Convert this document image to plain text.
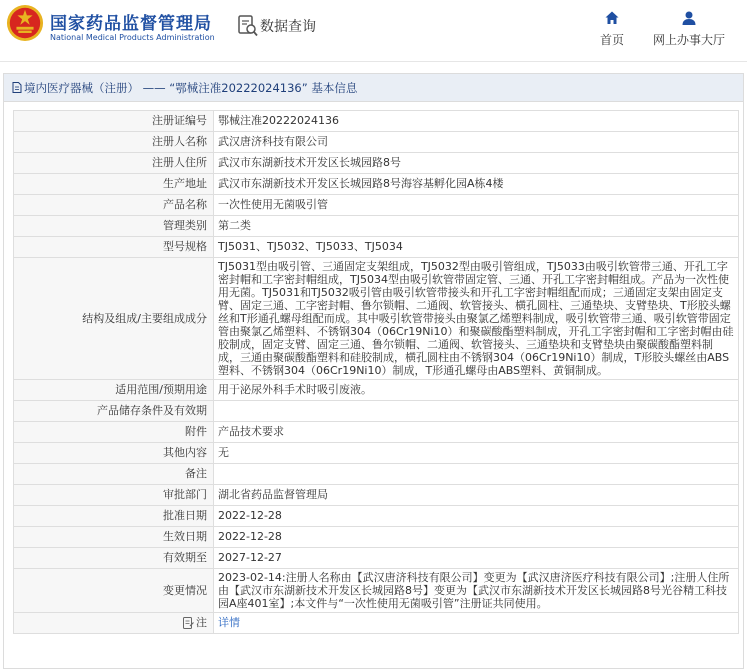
国家药品监督管理局
National Medical Products Administration
数据查询
首页 网上办事大厅
境内医疗器械（注册） —— “鄂械注准20222024136” 基本信息
注册证编号	鄂械注准20222024136
注册人名称	武汉唐济科技有限公司
注册人住所	武汉市东湖新技术开发区长城园路8号
生产地址	武汉市东湖新技术开发区长城园路8号海容基孵化园A栋4楼
产品名称	一次性使用无菌吸引管
管理类别	第二类
型号规格	TJ5031、TJ5032、TJ5033、TJ5034
结构及组成/主要组成成分	TJ5031型由吸引管、三通固定支架组成，TJ5032型由吸引管组成，TJ5033由吸引软管带三通、开孔工字密封帽和工字密封帽组成，TJ5034型由吸引软管带固定管、三通、开孔工字密封帽组成。产品为一次性使用无菌。TJ5031和TJ5032吸引管由吸引软管带接头和开孔工字密封帽组配而成；三通固定支架由固定支臂、固定三通、工字密封帽、鲁尔锁帽、二通阀、软管接头、横孔圆柱、三通垫块、支臂垫块、T形胶头螺丝和T形通孔螺母组配而成。其中吸引软管带接头由聚氯乙烯塑料制成，吸引软管带三通、吸引软管带固定管由聚氯乙烯塑料、不锈钢304（06Cr19Ni10）和聚碳酸酯塑料制成，开孔工字密封帽和工字密封帽由硅胶制成，固定支臂、固定三通、鲁尔锁帽、二通阀、软管接头、三通垫块和支臂垫块由聚碳酸酯塑料制成，三通由聚碳酸酯塑料和硅胶制成，横孔圆柱由不锈钢304（06Cr19Ni10）制成，T形胶头螺丝由ABS塑料、不锈钢304（06Cr19Ni10）制成，T形通孔螺母由ABS塑料、黄铜制成。
适用范围/预期用途	用于泌尿外科手术时吸引废液。
产品储存条件及有效期	
附件	产品技术要求
其他内容	无
备注	
审批部门	湖北省药品监督管理局
批准日期	2022-12-28
生效日期	2022-12-28
有效期至	2027-12-27
变更情况	2023-02-14:注册人名称由【武汉唐济科技有限公司】变更为【武汉唐济医疗科技有限公司】;注册人住所由【武汉市东湖新技术开发区长城园路8号】变更为【武汉市东湖新技术开发区长城园路8号光谷精工科技园A座401室】;本文件与“一次性使用无菌吸引管”注册证共同使用。

注	详情
